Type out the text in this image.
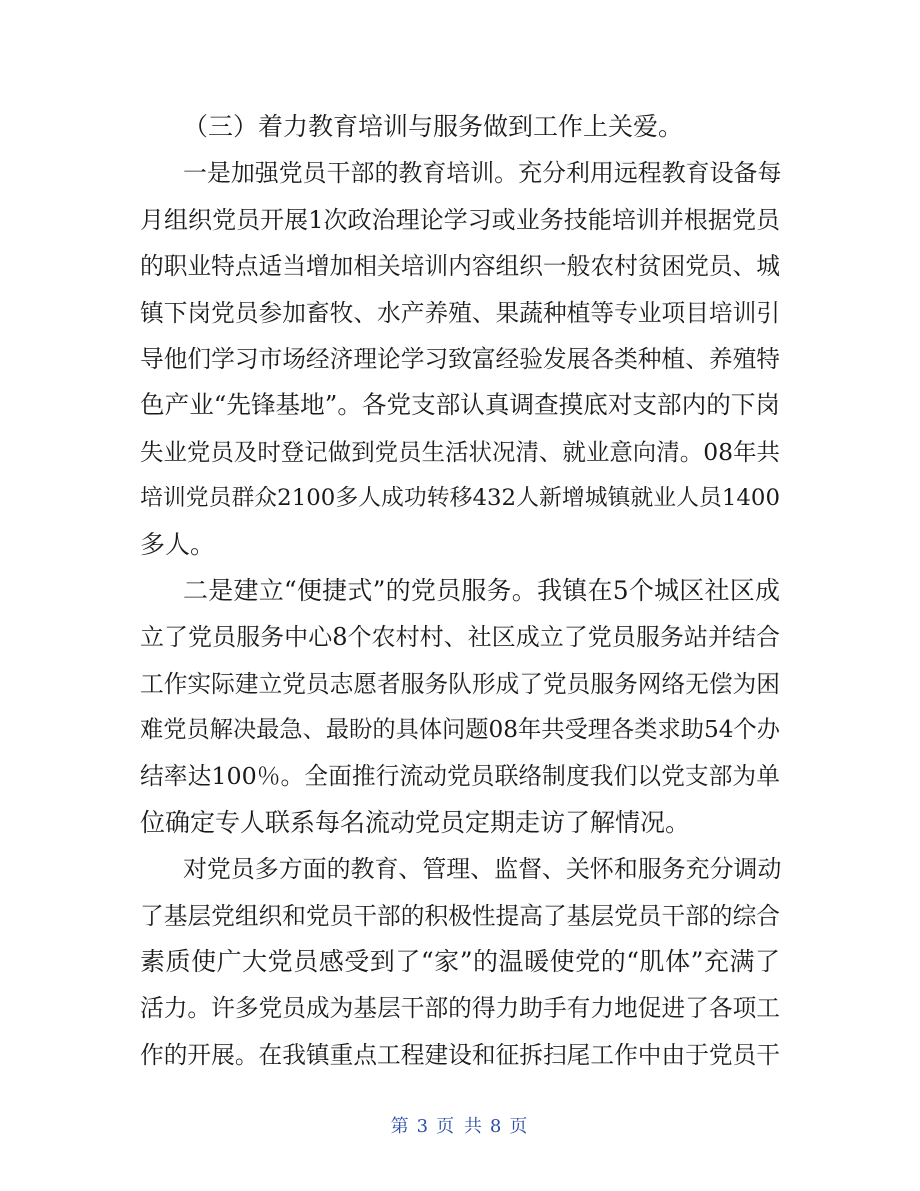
（三）着力教育培训与服务做到工作上关爱。
一是加强党员干部的教育培训。充分利用远程教育设备每
月组织党员开展1次政治理论学习或业务技能培训并根据党员
的职业特点适当增加相关培训内容组织一般农村贫困党员、城
镇下岗党员参加畜牧、水产养殖、果蔬种植等专业项目培训引
导他们学习市场经济理论学习致富经验发展各类种植、养殖特
色产业“先锋基地”。各党支部认真调查摸底对支部内的下岗
失业党员及时登记做到党员生活状况清、就业意向清。08年共
培训党员群众2100多人成功转移432人新增城镇就业人员1400
多人。
二是建立“便捷式”的党员服务。我镇在5个城区社区成
立了党员服务中心8个农村村、社区成立了党员服务站并结合
工作实际建立党员志愿者服务队形成了党员服务网络无偿为困
难党员解决最急、最盼的具体问题08年共受理各类求助54个办
结率达100％。全面推行流动党员联络制度我们以党支部为单
位确定专人联系每名流动党员定期走访了解情况。
对党员多方面的教育、管理、监督、关怀和服务充分调动
了基层党组织和党员干部的积极性提高了基层党员干部的综合
素质使广大党员感受到了“家”的温暖使党的“肌体”充满了
活力。许多党员成为基层干部的得力助手有力地促进了各项工
作的开展。在我镇重点工程建设和征拆扫尾工作中由于党员干
第 3 页 共 8 页
